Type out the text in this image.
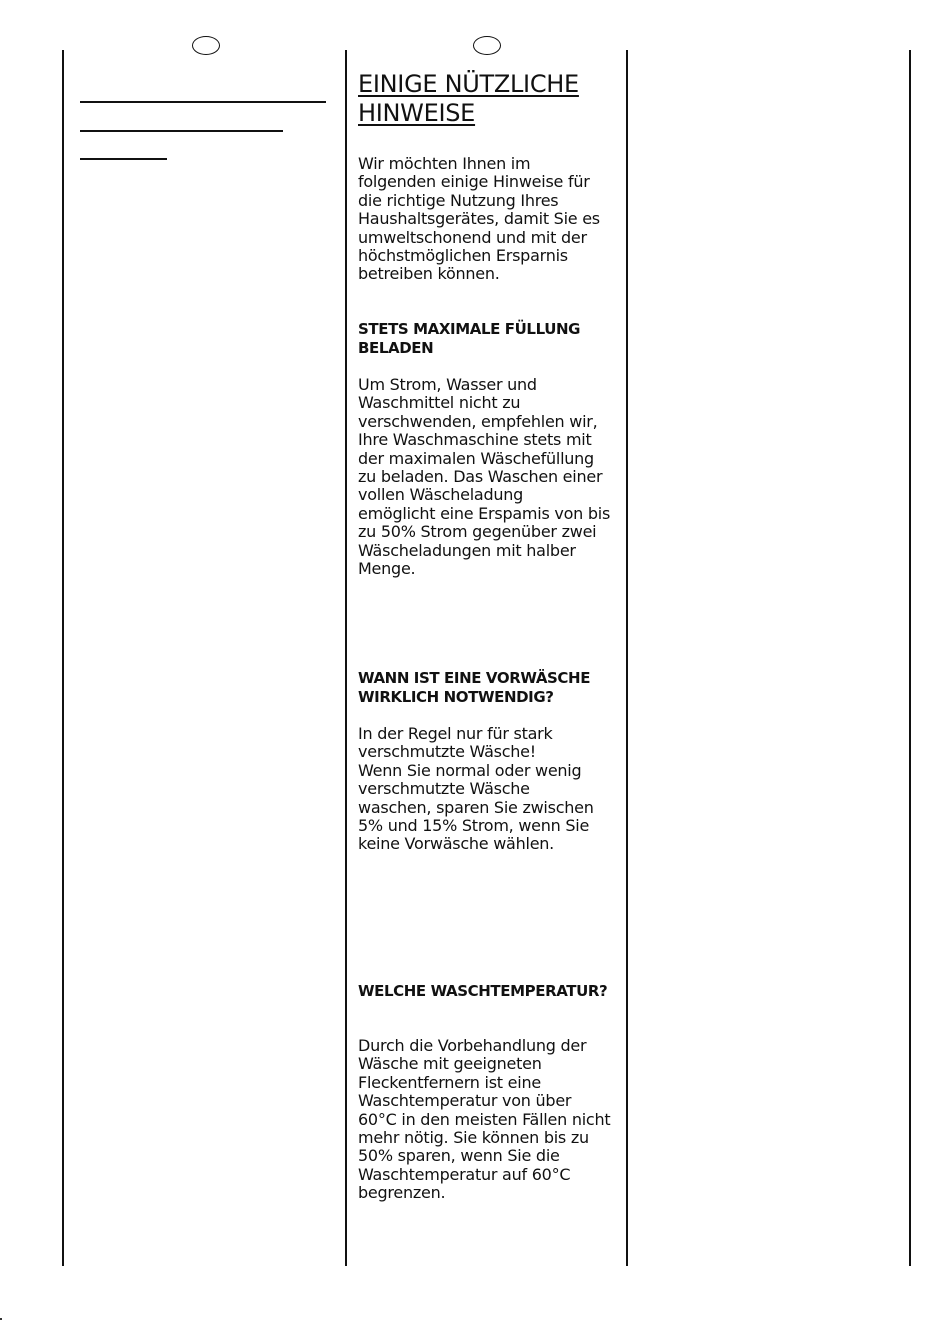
EINIGE NÜTZLICHE
HINWEISE

Wir möchten Ihnen im
folgenden einige Hinweise für
die richtige Nutzung Ihres
Haushaltsgerätes, damit Sie es
umweltschonend und mit der
höchstmöglichen Ersparnis
betreiben können.

STETS MAXIMALE FÜLLUNG
BELADEN

Um Strom, Wasser und
Waschmittel nicht zu
verschwenden, empfehlen wir,
Ihre Waschmaschine stets mit
der maximalen Wäschefüllung
zu beladen. Das Waschen einer
vollen Wäscheladung
emöglicht eine Erspamis von bis
zu 50% Strom gegenüber zwei
Wäscheladungen mit halber
Menge.

WANN IST EINE VORWÄSCHE
WIRKLICH NOTWENDIG?

In der Regel nur für stark
verschmutzte Wäsche!
Wenn Sie normal oder wenig
verschmutzte Wäsche
waschen, sparen Sie zwischen
5% und 15% Strom, wenn Sie
keine Vorwäsche wählen.

WELCHE WASCHTEMPERATUR?

Durch die Vorbehandlung der
Wäsche mit geeigneten
Fleckentfernern ist eine
Waschtemperatur von über
60°C in den meisten Fällen nicht
mehr nötig. Sie können bis zu
50% sparen, wenn Sie die
Waschtemperatur auf 60°C
begrenzen.
